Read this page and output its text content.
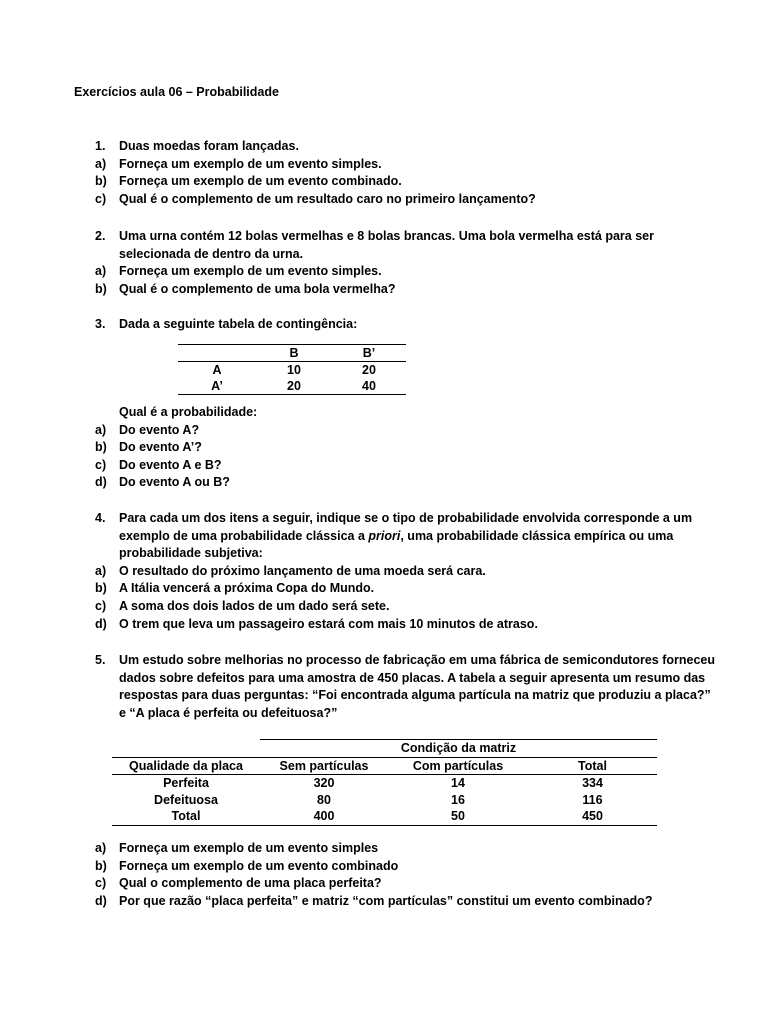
Exercícios aula 06 – Probabilidade
1.	Duas moedas foram lançadas.
a)	Forneça um exemplo de um evento simples.
b) Forneça um exemplo de um evento combinado.
c)	Qual é o complemento de um resultado caro no primeiro lançamento?
2.	Uma urna contém 12 bolas vermelhas e 8 bolas brancas. Uma bola vermelha está para ser
selecionada de dentro da urna.
a)	Forneça um exemplo de um evento simples.
b) Qual é o complemento de uma bola vermelha?
3.	Dada a seguinte tabela de contingência:
	B	B’
A	10	20
A’	20	40
Qual é a probabilidade:
a)	Do evento A?
b) Do evento A’?
c)	Do evento A e B?
d) Do evento A ou B?
4.	Para cada um dos itens a seguir, indique se o tipo de probabilidade envolvida corresponde a um
exemplo de uma probabilidade clássica a priori, uma probabilidade clássica empírica ou uma
probabilidade subjetiva:
a)	O resultado do próximo lançamento de uma moeda será cara.
b) A Itália vencerá a próxima Copa do Mundo.
c)	A soma dos dois lados de um dado será sete.
d) O trem que leva um passageiro estará com mais 10 minutos de atraso.
5.	Um estudo sobre melhorias no processo de fabricação em uma fábrica de semicondutores forneceu
dados sobre defeitos para uma amostra de 450 placas. A tabela a seguir apresenta um resumo das
respostas para duas perguntas: “Foi encontrada alguma partícula na matriz que produziu a placa?”
e “A placa é perfeita ou defeituosa?”
	Condição da matriz		
Qualidade da placa	Sem partículas	Com partículas	Total
Perfeita	320	14	334
Defeituosa	80	16	116
Total	400	50	450
a)	Forneça um exemplo de um evento simples
b) Forneça um exemplo de um evento combinado
c)	Qual o complemento de uma placa perfeita?
d) Por que razão “placa perfeita” e matriz “com partículas” constitui um evento combinado?
